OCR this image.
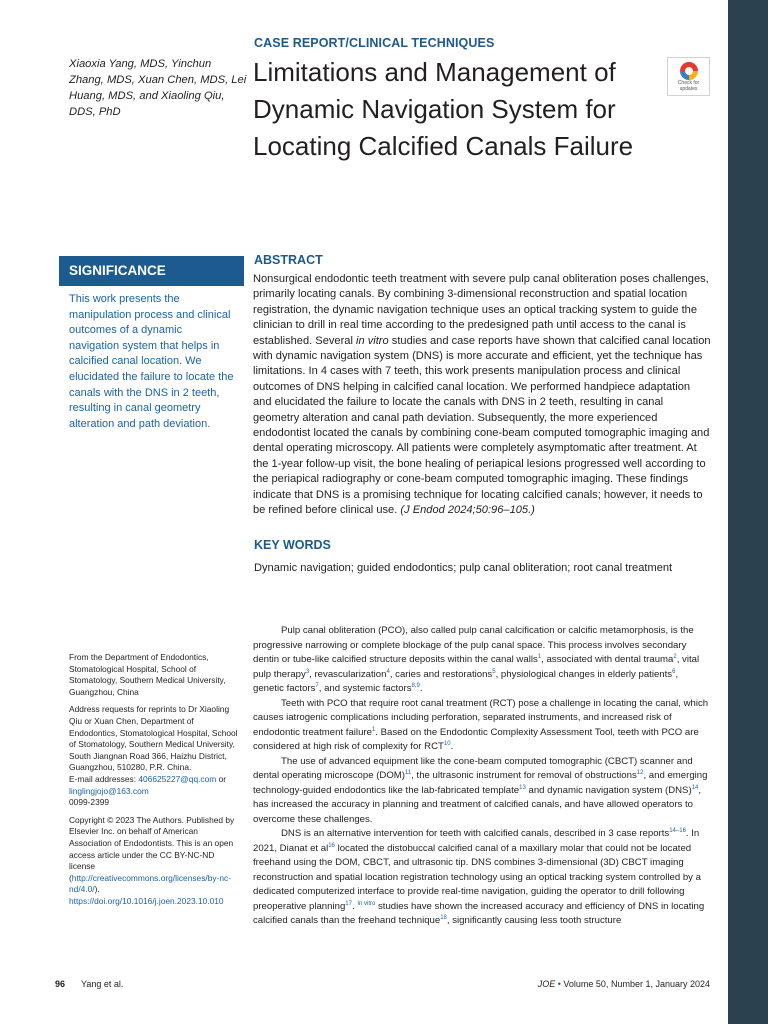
Xiaoxia Yang, MDS, Yinchun Zhang, MDS, Xuan Chen, MDS, Lei Huang, MDS, and Xiaoling Qiu, DDS, PhD
CASE REPORT/CLINICAL TECHNIQUES
Limitations and Management of Dynamic Navigation System for Locating Calcified Canals Failure
Check for updates
SIGNIFICANCE
This work presents the manipulation process and clinical outcomes of a dynamic navigation system that helps in calcified canal location. We elucidated the failure to locate the canals with the DNS in 2 teeth, resulting in canal geometry alteration and path deviation.
ABSTRACT
Nonsurgical endodontic teeth treatment with severe pulp canal obliteration poses challenges, primarily locating canals. By combining 3-dimensional reconstruction and spatial location registration, the dynamic navigation technique uses an optical tracking system to guide the clinician to drill in real time according to the predesigned path until access to the canal is established. Several in vitro studies and case reports have shown that calcified canal location with dynamic navigation system (DNS) is more accurate and efficient, yet the technique has limitations. In 4 cases with 7 teeth, this work presents manipulation process and clinical outcomes of DNS helping in calcified canal location. We performed handpiece adaptation and elucidated the failure to locate the canals with DNS in 2 teeth, resulting in canal geometry alteration and canal path deviation. Subsequently, the more experienced endodontist located the canals by combining cone-beam computed tomographic imaging and dental operating microscopy. All patients were completely asymptomatic after treatment. At the 1-year follow-up visit, the bone healing of periapical lesions progressed well according to the periapical radiography or cone-beam computed tomographic imaging. These findings indicate that DNS is a promising technique for locating calcified canals; however, it needs to be refined before clinical use. (J Endod 2024;50:96–105.)
KEY WORDS
Dynamic navigation; guided endodontics; pulp canal obliteration; root canal treatment

From the Department of Endodontics, Stomatological Hospital, School of Stomatology, Southern Medical University, Guangzhou, China

Address requests for reprints to Dr Xiaoling Qiu or Xuan Chen, Department of Endodontics, Stomatological Hospital, School of Stomatology, Southern Medical University, South Jiangnan Road 366, Haizhu District, Guangzhou, 510280, P.R. China.
E-mail addresses: 406625227@qq.com or linglingjojo@163.com
0099-2399

Copyright © 2023 The Authors. Published by Elsevier Inc. on behalf of American Association of Endodontists. This is an open access article under the CC BY-NC-ND license (http://creativecommons.org/licenses/by-nc-nd/4.0/).
https://doi.org/10.1016/j.joen.2023.10.010

Pulp canal obliteration (PCO), also called pulp canal calcification or calcific metamorphosis, is the progressive narrowing or complete blockage of the pulp canal space. This process involves secondary dentin or tube-like calcified structure deposits within the canal walls$^1$, associated with dental trauma$^2$, vital pulp therapy$^3$, revascularization$^4$, caries and restorations$^5$, physiological changes in elderly patients$^6$, genetic factors$^7$, and systemic factors$^{8,9}$.

Teeth with PCO that require root canal treatment (RCT) pose a challenge in locating the canal, which causes iatrogenic complications including perforation, separated instruments, and increased risk of endodontic treatment failure$^1$. Based on the Endodontic Complexity Assessment Tool, teeth with PCO are considered at high risk of complexity for RCT$^{10}$.

The use of advanced equipment like the cone-beam computed tomographic (CBCT) scanner and dental operating microscope (DOM)$^{11}$, the ultrasonic instrument for removal of obstructions$^{12}$, and emerging technology-guided endodontics like the lab-fabricated template$^{13}$ and dynamic navigation system (DNS)$^{14}$, has increased the accuracy in planning and treatment of calcified canals, and have allowed operators to overcome these challenges.

DNS is an alternative intervention for teeth with calcified canals, described in 3 case reports$^{14-16}$. In 2021, Dianat et $al^{16}$ located the distobuccal calcified canal of a maxillary molar that could not be located freehand using the DOM, CBCT, and ultrasonic tip. DNS combines 3-dimensional (3D) CBCT imaging reconstruction and spatial location registration technology using an optical tracking system controlled by a dedicated computerized interface to provide real-time navigation, guiding the operator to drill following preoperative planning$^{17}$. $^{In vitro}$ studies have shown the increased accuracy and efficiency of DNS in locating calcified canals than the freehand technique$^{18}$, significantly causing less tooth structure

96 Yang et al.	JOE • Volume 50, Number 1, January 2024
